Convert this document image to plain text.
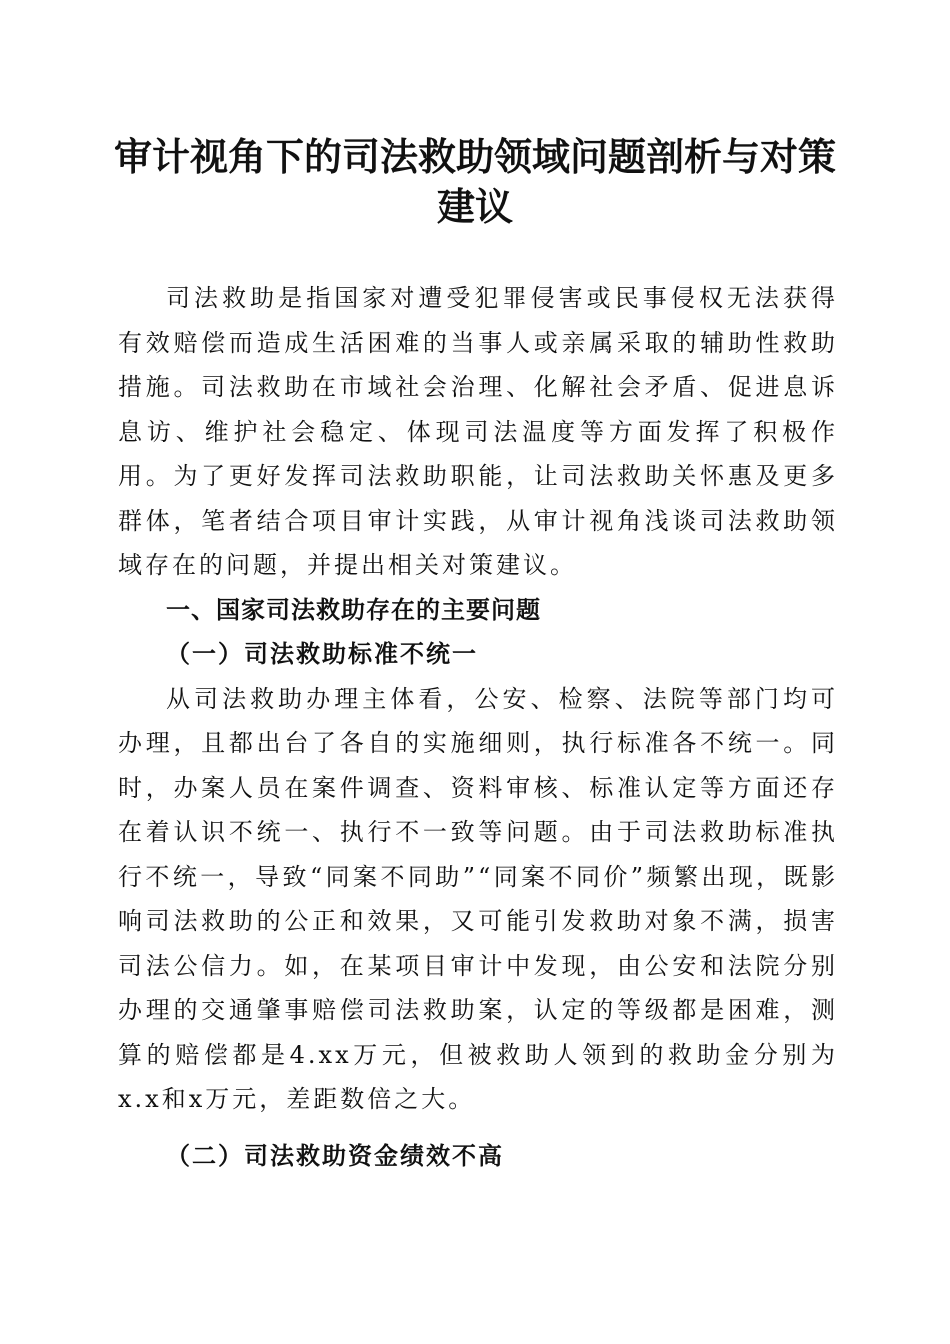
审计视角下的司法救助领域问题剖析与对策建议

司法救助是指国家对遭受犯罪侵害或民事侵权无法获得有效赔偿而造成生活困难的当事人或亲属采取的辅助性救助措施。司法救助在市域社会治理、化解社会矛盾、促进息诉息访、维护社会稳定、体现司法温度等方面发挥了积极作用。为了更好发挥司法救助职能，让司法救助关怀惠及更多群体，笔者结合项目审计实践，从审计视角浅谈司法救助领域存在的问题，并提出相关对策建议。

一、国家司法救助存在的主要问题

（一）司法救助标准不统一

从司法救助办理主体看，公安、检察、法院等部门均可办理，且都出台了各自的实施细则，执行标准各不统一。同时，办案人员在案件调查、资料审核、标准认定等方面还存在着认识不统一、执行不一致等问题。由于司法救助标准执行不统一，导致“同案不同助”“同案不同价”频繁出现，既影响司法救助的公正和效果，又可能引发救助对象不满，损害司法公信力。如，在某项目审计中发现，由公安和法院分别办理的交通肇事赔偿司法救助案，认定的等级都是困难，测算的赔偿都是4.xx万元，但被救助人领到的救助金分别为x.x和x万元，差距数倍之大。

（二）司法救助资金绩效不高
